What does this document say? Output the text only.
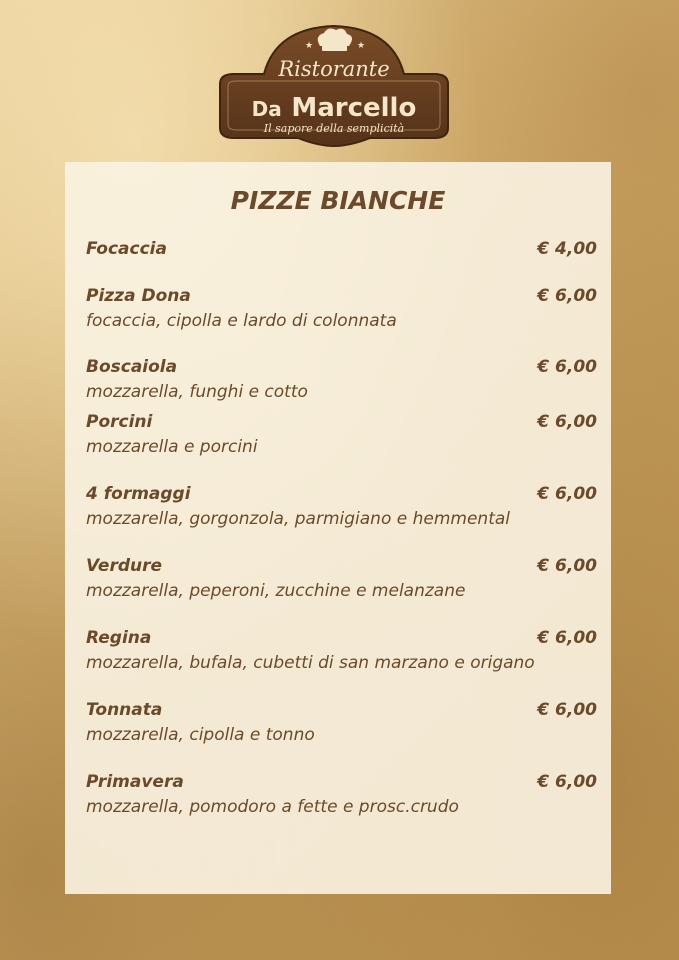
★	★
Ristorante
Da Marcello
Il sapore della semplicità
PIZZE BIANCHE
Focaccia	€ 4,00
Pizza Dona	€ 6,00
focaccia, cipolla e lardo di colonnata
Boscaiola	€ 6,00
mozzarella, funghi e cotto
Porcini	€ 6,00
mozzarella e porcini
4 formaggi	€ 6,00
mozzarella, gorgonzola, parmigiano e hemmental
Verdure	€ 6,00
mozzarella, peperoni, zucchine e melanzane
Regina	€ 6,00
mozzarella, bufala, cubetti di san marzano e origano
Tonnata	€ 6,00
mozzarella, cipolla e tonno
Primavera	€ 6,00
mozzarella, pomodoro a fette e prosc.crudo
